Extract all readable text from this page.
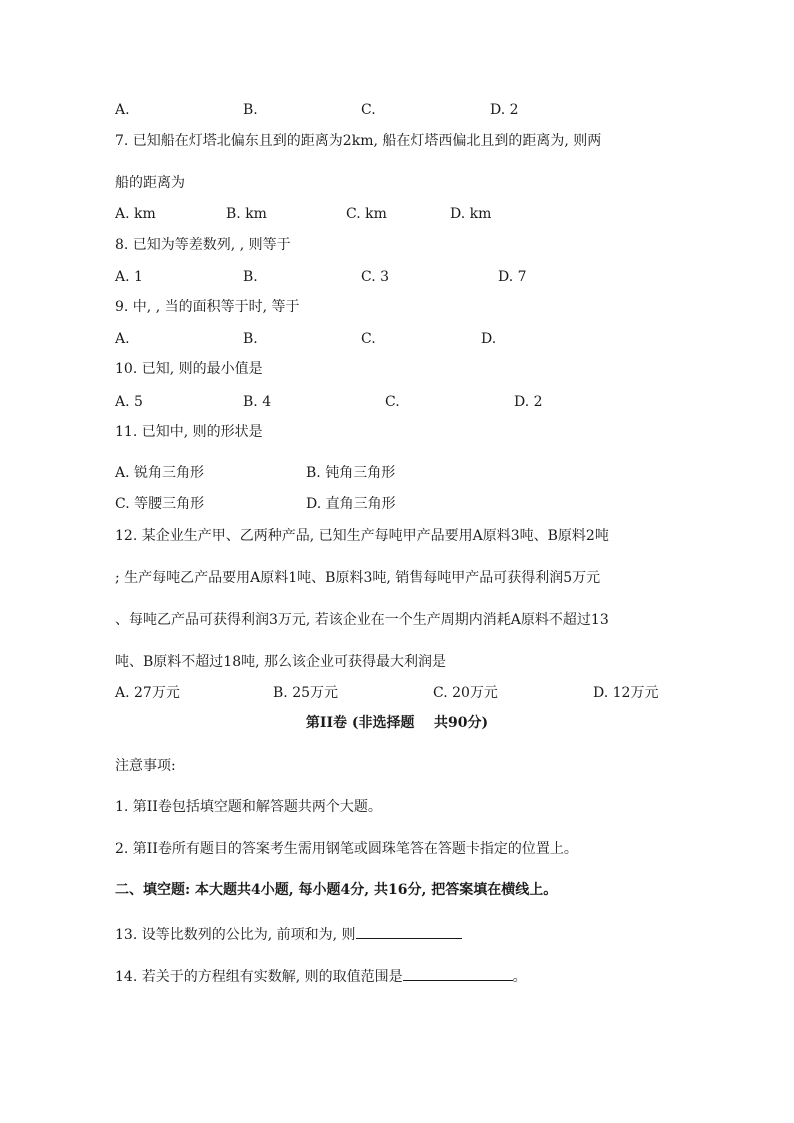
A.	B.	C.	D. 2
7. 已知船在灯塔北偏东且到的距离为2km, 船在灯塔西偏北且到的距离为, 则两
船的距离为
A. km	B. km	C. km	D. km
8. 已知为等差数列, , 则等于
A. 1	B.	C. 3	D. 7
9. 中, , 当的面积等于时, 等于
A.	B.	C.	D.
10. 已知, 则的最小值是
A. 5	B. 4	C.	D. 2
11. 已知中, 则的形状是
A. 锐角三角形	B. 钝角三角形
C. 等腰三角形	D. 直角三角形
12. 某企业生产甲、乙两种产品, 已知生产每吨甲产品要用A原料3吨、B原料2吨
; 生产每吨乙产品要用A原料1吨、B原料3吨, 销售每吨甲产品可获得利润5万元
、每吨乙产品可获得利润3万元, 若该企业在一个生产周期内消耗A原料不超过13
吨、B原料不超过18吨, 那么该企业可获得最大利润是
A. 27万元	B. 25万元	C. 20万元	D. 12万元
第II卷 (非选择题    共90分)
注意事项:
1. 第II卷包括填空题和解答题共两个大题。
2. 第II卷所有题目的答案考生需用钢笔或圆珠笔答在答题卡指定的位置上。
二、填空题: 本大题共4小题, 每小题4分, 共16分, 把答案填在横线上。
13. 设等比数列的公比为, 前项和为, 则
14. 若关于的方程组有实数解, 则的取值范围是	。
